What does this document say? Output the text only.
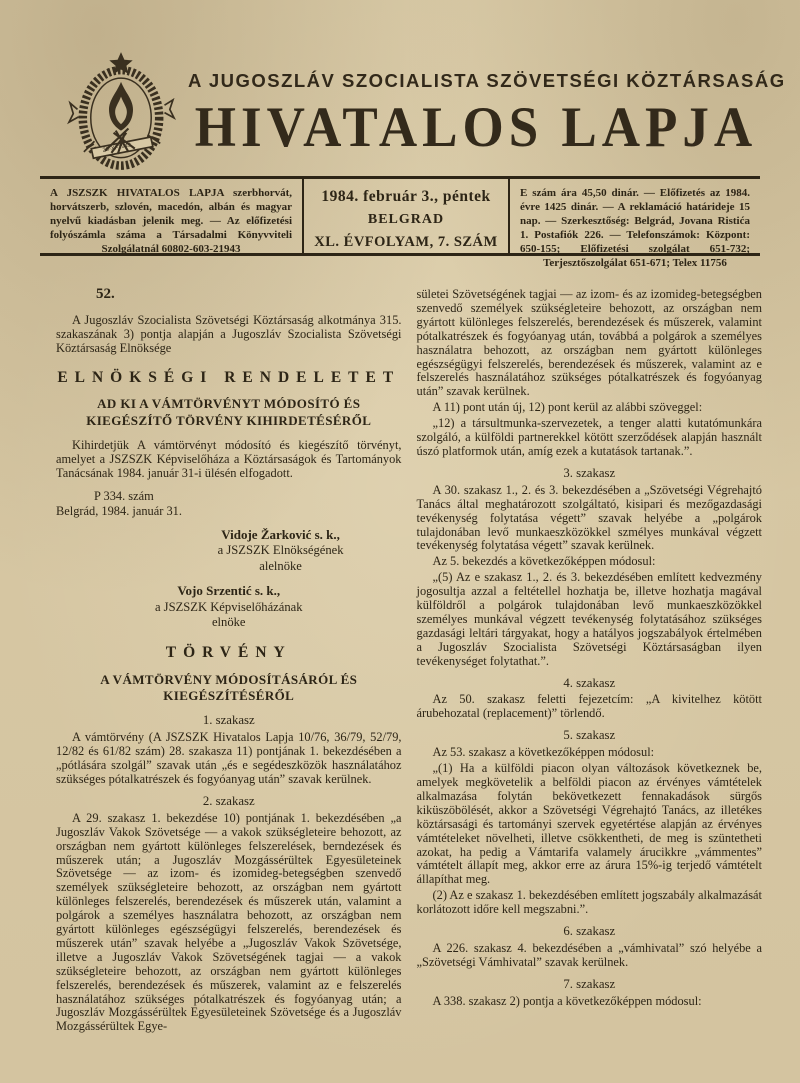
29-XI-1943
A JUGOSZLÁV SZOCIALISTA SZÖVETSÉGI KÖZTÁRSASÁG
HIVATALOS LAPJA
A JSZSZK HIVATALOS LAPJA szerbhorvát, horvátszerb, szlovén, macedón, albán és magyar nyelvű kiadásban jelenik meg. — Az előfizetési folyószámla száma a Társadalmi Könyvviteli Szolgálatnál 60802-603-21943
1984. február 3., péntek
BELGRAD
XL. ÉVFOLYAM, 7. SZÁM
E szám ára 45,50 dinár. — Előfizetés az 1984. évre 1425 dinár. — A reklamáció határideje 15 nap. — Szerkesztőség: Belgrád, Jovana Ristića 1. Postafiók 226. — Telefonszámok: Központ: 650-155; Előfizetési szolgálat 651-732; Terjesztőszolgálat 651-671; Telex 11756
52.

A Jugoszláv Szocialista Szövetségi Köztársaság alkotmánya 315. szakaszának 3) pontja alapján a Jugoszláv Szocialista Szövetségi Köztársaság Elnöksége

ELNÖKSÉGI RENDELETET
AD KI A VÁMTÖRVÉNYT MÓDOSÍTÓ ÉS KIEGÉSZÍTŐ TÖRVÉNY KIHIRDETÉSÉRŐL

Kihirdetjük A vámtörvényt módosító és kiegészítő törvényt, amelyet a JSZSZK Képviselőháza a Köztársaságok és Tartományok Tanácsának 1984. január 31-i ülésén elfogadott.

P 334. szám
Belgrád, 1984. január 31.
Vidoje Žarković s. k.,
a JSZSZK Elnökségének
alelnöke
Vojo Srzentić s. k.,
a JSZSZK Képviselőházának
elnöke
TÖRVÉNY
A VÁMTÖRVÉNY MÓDOSÍTÁSÁRÓL ÉS KIEGÉSZÍTÉSÉRŐL
1. szakasz

A vámtörvény (A JSZSZK Hivatalos Lapja 10/76, 36/79, 52/79, 12/82 és 61/82 szám) 28. szakasza 11) pontjának 1. bekezdésében a „pótlására szolgál” szavak után „és e segédeszközök használatához szükséges pótalkatrészek és fogyóanyag után” szavak kerülnek.

2. szakasz

A 29. szakasz 1. bekezdése 10) pontjának 1. bekezdésében „a Jugoszláv Vakok Szövetsége — a vakok szükségleteire behozott, az országban nem gyártott különleges felszerelések, berndezések és műszerek után; a Jugoszláv Mozgássérültek Egyesületeinek Szövetsége — az izom- és izomideg-betegségben szenvedő személyek szükségleteire behozott, az országban nem gyártott különleges felszerelés, berendezések és műszerek után, valamint a polgárok a személyes használatra behozott, az országban nem gyártott különleges egészségügyi felszerelés, berendezések és műszerek után” szavak helyébe a „Jugoszláv Vakok Szövetsége, illetve a Jugoszláv Vakok Szövetségének tagjai — a vakok szükségleteire behozott, az országban nem gyártott különleges felszerelés, berendezések és műszerek, valamint az e felszerelés használatához szükséges pótalkatrészek és fogyóanyag után; a Jugoszláv Mozgássérültek Egyesületeinek Szövetsége és a Jugoszláv Mozgássérültek Egye-

sületei Szövetségének tagjai — az izom- és az izomideg-betegségben szenvedő személyek szükségleteire behozott, az országban nem gyártott különleges felszerelés, berendezések és műszerek, valamint pótalkatrészek és fogyóanyag után, továbbá a polgárok a személyes használatra behozott, az országban nem gyártott különleges egészségügyi felszerelés, berendezések és műszerek, valamint az e felszerelés használatához szükséges pótalkatrészek és fogyóanyag után” szavak kerülnek.

A 11) pont után új, 12) pont kerül az alábbi szöveggel:

„12) a társultmunka-szervezetek, a tenger alatti kutatómunkára szolgáló, a külföldi partnerekkel kötött szerződések alapján használt úszó platformok után, amíg ezek a kutatások tartanak.”.

3. szakasz

A 30. szakasz 1., 2. és 3. bekezdésében a „Szövetségi Végrehajtó Tanács által meghatározott szolgáltató, kisipari és mezőgazdasági tevékenység folytatása végett” szavak helyébe a „polgárok tulajdonában levő munkaeszközökkel szmélyes munkával végzett tevékenység folytatása végett” szavak kerülnek.

Az 5. bekezdés a következőképpen módosul:

„(5) Az e szakasz 1., 2. és 3. bekezdésében említett kedvezmény jogosultja azzal a feltétellel hozhatja be, illetve hozhatja magával külföldről a polgárok tulajdonában levő munkaeszközökkel személyes munkával végzett tevékenység folytatásához szükséges gazdasági leltári tárgyakat, hogy a hatályos jogszabályok értelmében a Jugoszláv Szocialista Szövetségi Köztársaságban ilyen tevékenységet folytathat.”.

4. szakasz

Az 50. szakasz feletti fejezetcím: „A kivitelhez kötött árubehozatal (replacement)” törlendő.

5. szakasz

Az 53. szakasz a következőképpen módosul:

„(1) Ha a külföldi piacon olyan változások következnek be, amelyek megkövetelik a belföldi piacon az érvényes vámtételek alkalmazása folytán bekövetkezett fennakadások sürgős kiküszöbölését, akkor a Szövetségi Végrehajtó Tanács, az illetékes köztársasági és tartományi szervek egyetértése alapján az érvényes vámtételeket növelheti, illetve csökkentheti, de meg is szüntetheti azokat, ha pedig a Vámtarifa valamely árucikkre „vámmentes” vámtételt állapít meg, akkor erre az árura 15%-ig terjedő vámtételt állapíthat meg.

(2) Az e szakasz 1. bekezdésében említett jogszabály alkalmazását korlátozott időre kell megszabni.”.

6. szakasz

A 226. szakasz 4. bekezdésében a „vámhivatal” szó helyébe a „Szövetségi Vámhivatal” szavak kerülnek.

7. szakasz

A 338. szakasz 2) pontja a következőképpen módosul:
